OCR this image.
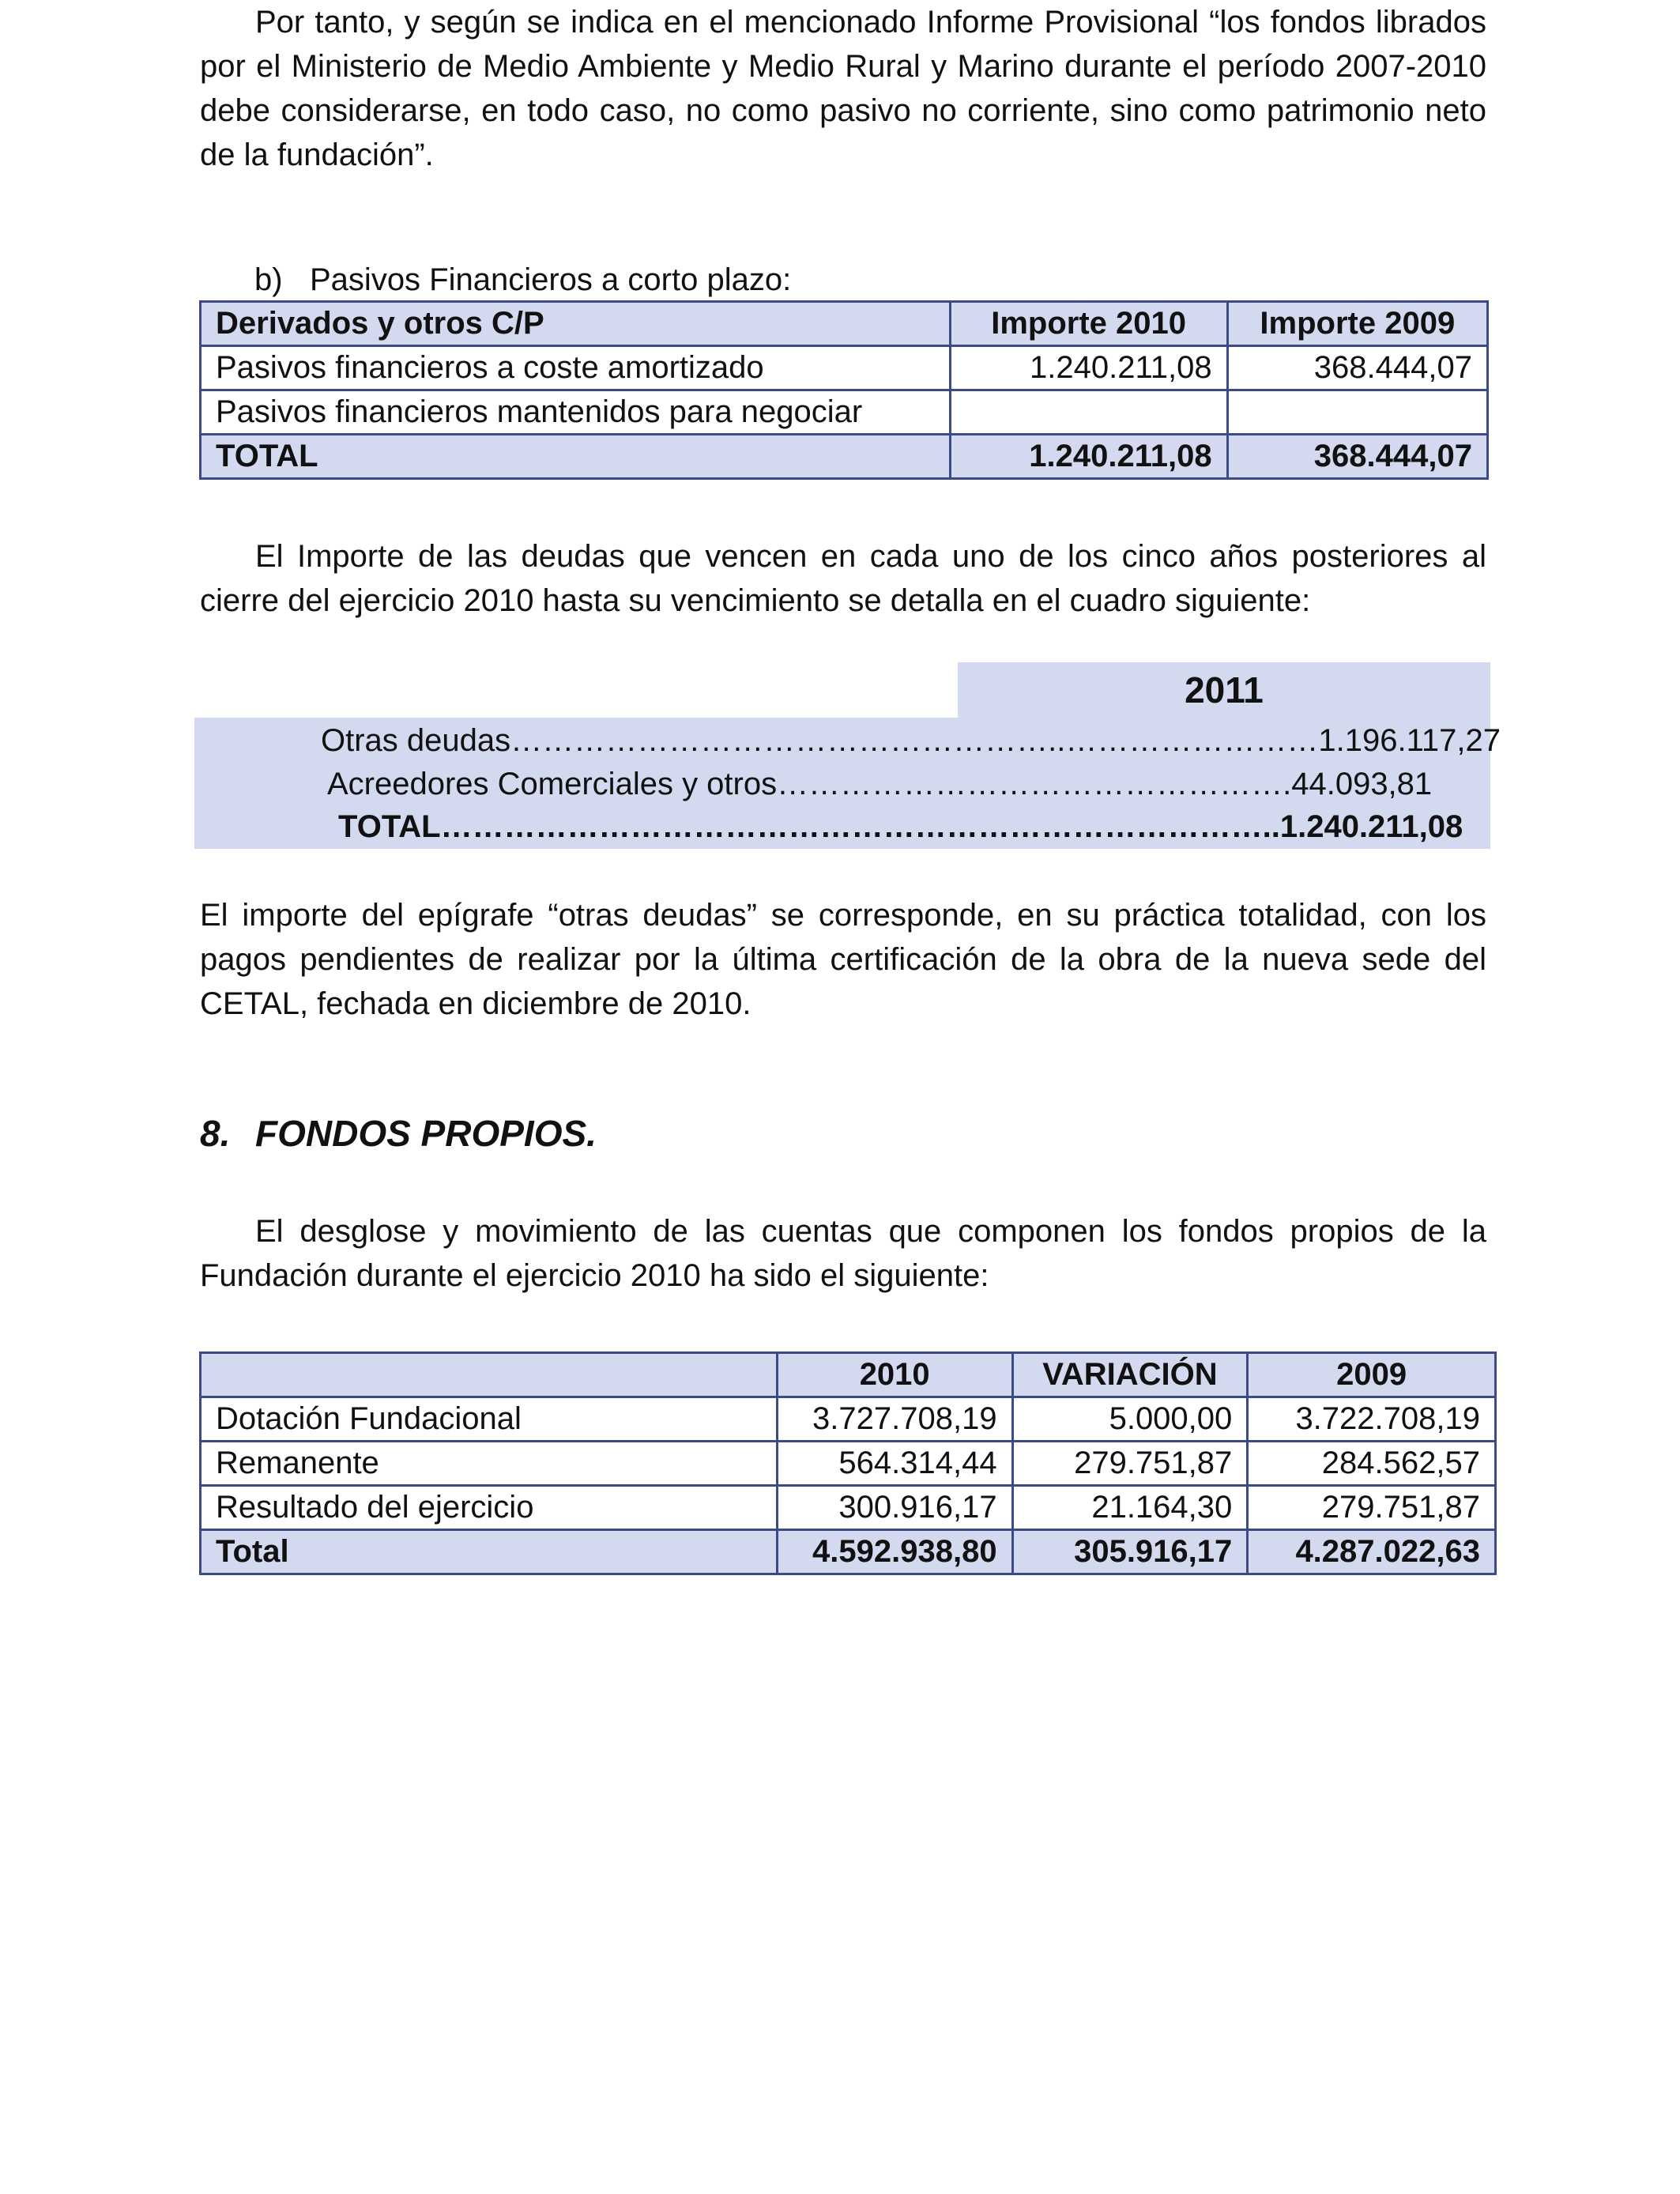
Por tanto, y según se indica en el mencionado Informe Provisional “los fondos librados por el Ministerio de Medio Ambiente y Medio Rural y Marino durante el período 2007-2010 debe considerarse, en todo caso, no como pasivo no corriente, sino como patrimonio neto de la fundación”.

b) Pasivos Financieros a corto plazo:
Derivados y otros C/P	Importe 2010	Importe 2009
Pasivos financieros a coste amortizado	1.240.211,08	368.444,07
Pasivos financieros mantenidos para negociar		
TOTAL	1.240.211,08	368.444,07

El Importe de las deudas que vencen en cada uno de los cinco años posteriores al cierre del ejercicio 2010 hasta su vencimiento se detalla en el cuadro siguiente:

2011
Otras deudas……………………………………………..……………………1.196.117,27
Acreedores Comerciales y otros………………………………………….44.093,81
TOTAL……………………………………………………………………..1.240.211,08

El importe del epígrafe “otras deudas” se corresponde, en su práctica totalidad, con los pagos pendientes de realizar por la última certificación de la obra de la nueva sede del CETAL, fechada en diciembre de 2010.

8. FONDOS PROPIOS.

El desglose y movimiento de las cuentas que componen los fondos propios de la Fundación durante el ejercicio 2010 ha sido el siguiente:

	2010	VARIACIÓN	2009
Dotación Fundacional	3.727.708,19	5.000,00	3.722.708,19
Remanente	564.314,44	279.751,87	284.562,57
Resultado del ejercicio	300.916,17	21.164,30	279.751,87
Total	4.592.938,80	305.916,17	4.287.022,63
